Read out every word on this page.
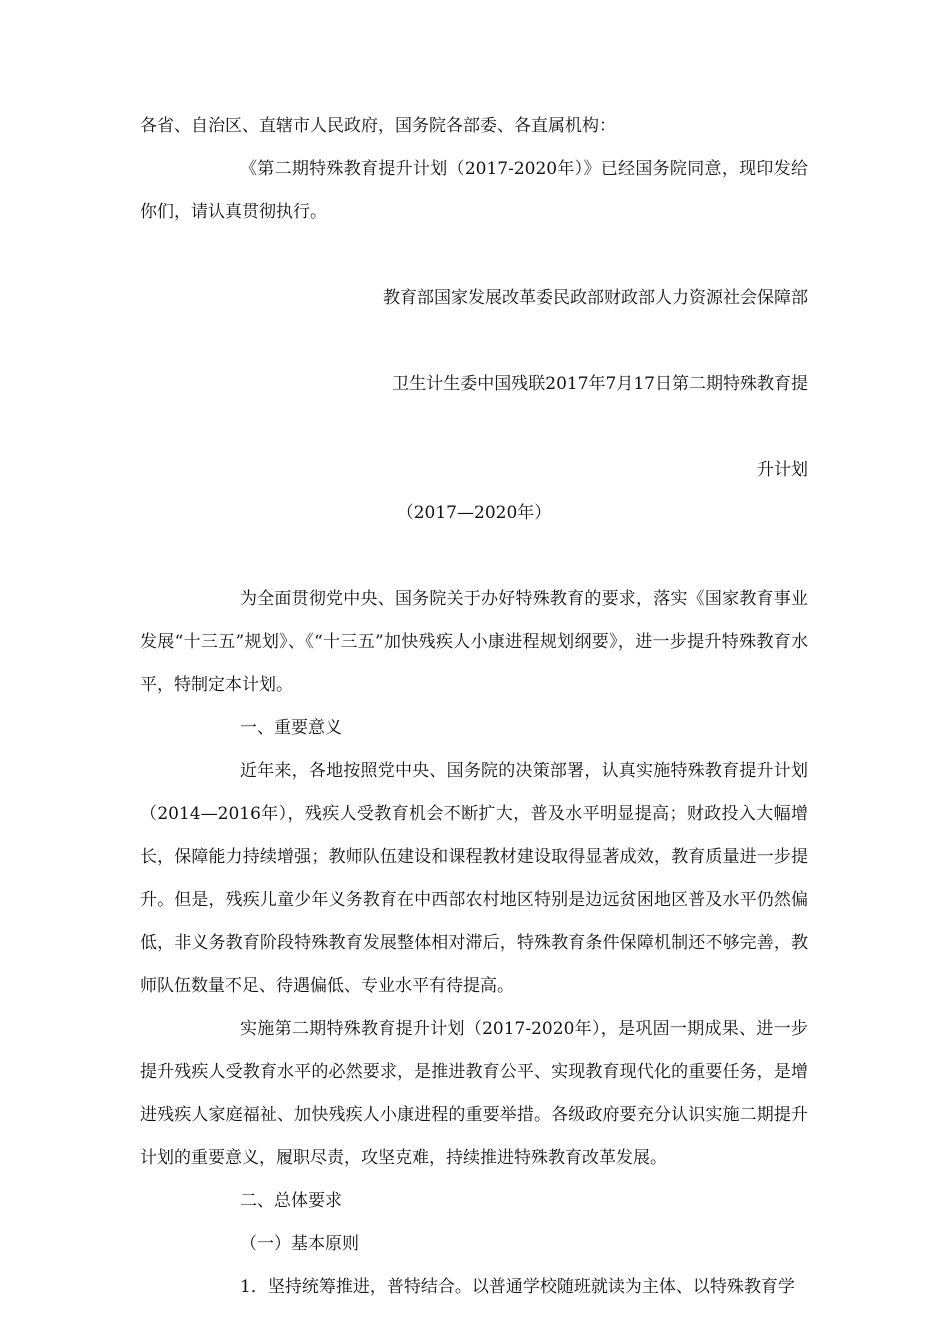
各省、自治区、直辖市人民政府，国务院各部委、各直属机构：

《第二期特殊教育提升计划（2017-2020年）》已经国务院同意，现印发给你们，请认真贯彻执行。

教育部国家发展改革委民政部财政部人力资源社会保障部

卫生计生委中国残联2017年7月17日第二期特殊教育提

升计划

（2017—2020年）

为全面贯彻党中央、国务院关于办好特殊教育的要求，落实《国家教育事业发展“十三五”规划》、《“十三五”加快残疾人小康进程规划纲要》，进一步提升特殊教育水平，特制定本计划。

一、重要意义

近年来，各地按照党中央、国务院的决策部署，认真实施特殊教育提升计划（2014—2016年），残疾人受教育机会不断扩大，普及水平明显提高；财政投入大幅增长，保障能力持续增强；教师队伍建设和课程教材建设取得显著成效，教育质量进一步提升。但是，残疾儿童少年义务教育在中西部农村地区特别是边远贫困地区普及水平仍然偏低，非义务教育阶段特殊教育发展整体相对滞后，特殊教育条件保障机制还不够完善，教师队伍数量不足、待遇偏低、专业水平有待提高。

实施第二期特殊教育提升计划（2017-2020年），是巩固一期成果、进一步提升残疾人受教育水平的必然要求，是推进教育公平、实现教育现代化的重要任务，是增进残疾人家庭福祉、加快残疾人小康进程的重要举措。各级政府要充分认识实施二期提升计划的重要意义，履职尽责，攻坚克难，持续推进特殊教育改革发展。

二、总体要求

（一）基本原则

1．坚持统筹推进，普特结合。以普通学校随班就读为主体、以特殊教育学
